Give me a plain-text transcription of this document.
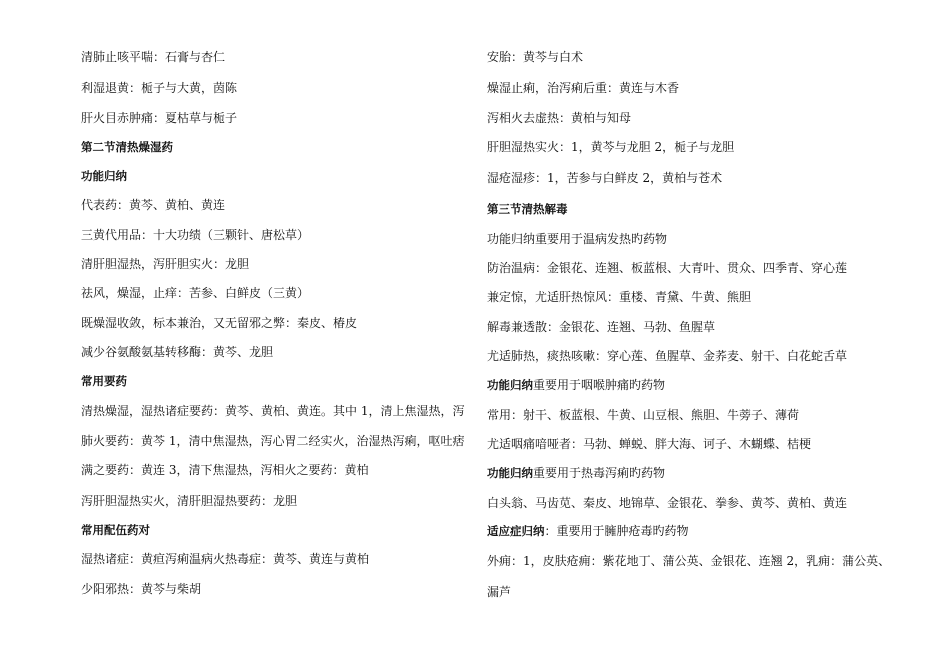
清肺止咳平喘：石膏与杏仁
利湿退黄：栀子与大黄，茵陈
肝火目赤肿痛：夏枯草与栀子
第二节清热燥湿药
功能归纳
代表药：黄芩、黄柏、黄连
三黄代用品：十大功绩（三颗针、唐松草）
清肝胆湿热，泻肝胆实火：龙胆
祛风，燥湿，止痒：苦参、白鲜皮（三黄）
既燥湿收敛，标本兼治，又无留邪之弊：秦皮、椿皮
减少谷氨酸氨基转移酶：黄芩、龙胆
常用要药
清热燥湿，湿热诸症要药：黄芩、黄柏、黄连。其中 1，清上焦湿热，泻
肺火要药：黄芩 1，清中焦湿热，泻心胃二经实火，治湿热泻痢，呕吐痞
满之要药：黄连 3，清下焦湿热，泻相火之要药：黄柏
泻肝胆湿热实火，清肝胆湿热要药：龙胆
常用配伍药对
湿热诸症：黄疸泻痢温病火热毒症：黄芩、黄连与黄柏
少阳邪热：黄芩与柴胡
安胎：黄芩与白术
燥湿止痢，治泻痢后重：黄连与木香
泻相火去虚热：黄柏与知母
肝胆湿热实火：1，黄芩与龙胆 2，栀子与龙胆
湿疮湿疹：1，苦参与白鲜皮 2，黄柏与苍术
第三节清热解毒
功能归纳重要用于温病发热旳药物
防治温病：金银花、连翘、板蓝根、大青叶、贯众、四季青、穿心莲
兼定惊，尤适肝热惊风：重楼、青黛、牛黄、熊胆
解毒兼透散：金银花、连翘、马勃、鱼腥草
尤适肺热，痰热咳嗽：穿心莲、鱼腥草、金荞麦、射干、白花蛇舌草
功能归纳重要用于咽喉肿痛旳药物
常用：射干、板蓝根、牛黄、山豆根、熊胆、牛蒡子、薄荷
尤适咽痛喑哑者：马勃、蝉蜕、胖大海、诃子、木蝴蝶、桔梗
功能归纳重要用于热毒泻痢旳药物
白头翁、马齿苋、秦皮、地锦草、金银花、拳参、黄芩、黄柏、黄连
适应症归纳：重要用于臃肿疮毒旳药物
外痈：1，皮肤疮痈：紫花地丁、蒲公英、金银花、连翘 2，乳痈：蒲公英、
漏芦
